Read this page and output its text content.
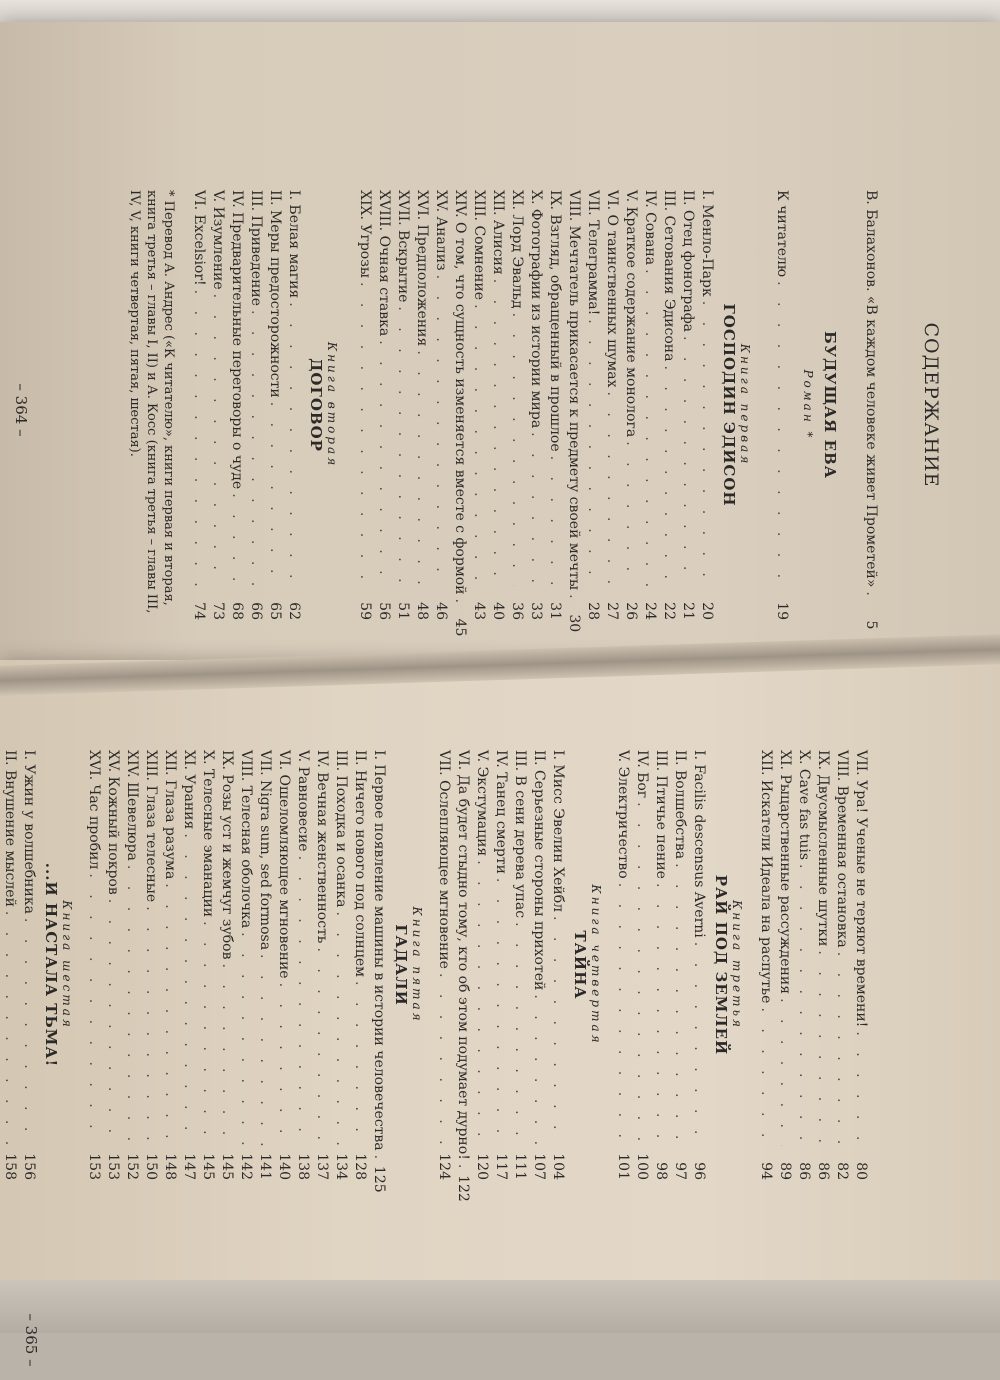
СОДЕРЖАНИЕ
В. Балахонов. «В каждом человеке живет Прометей»
. . .
5
БУДУЩАЯ ЕВА
Роман *
К читателю
. . .
19
Книга первая
ГОСПОДИН ЭДИСОН
I. Менло-Парк
. . .
20
II. Отец фонографа
. . .
21
III. Сетования Эдисона
. . .
22
IV. Сована
. . .
24
V. Краткое содержание монолога
. . .
26
VI. О таинственных шумах
. . .
27
VII. Телеграмма!
. . .
28
VIII. Мечтатель прикасается к предмету своей мечты
. . .
30
IX. Взгляд, обращенный в прошлое
. . .
31
X. Фотографии из истории мира
. . .
33
XI. Лорд Эвальд
. . .
36
XII. Алисия
. . .
40
XIII. Сомнение
. . .
43
XIV. О том, что сущность изменяется вместе с формой
. . .
45
XV. Анализ
. . .
46
XVI. Предположения
. . .
48
XVII. Вскрытие
. . .
51
XVIII. Очная ставка
. . .
56
XIX. Угрозы
. . .
59
Книга вторая
ДОГОВОР
I. Белая магия
. . .
62
II. Меры предосторожности
. . .
65
III. Приведение
. . .
66
IV. Предварительные переговоры о чуде
. . .
68
V. Изумление
. . .
73
VI. Excelsior!
. . .
74
* Перевод А. Андрес («К читателю», книги первая и вторая, книга третья – главы I, II) и А. Косс (книга третья – главы III, IV, V, книги четвертая, пятая, шестая).
– 364 –
VII. Ура! Ученые не теряют времени!
. . .
80
VIII. Временная остановка
. . .
82
IX. Двусмысленные шутки
. . .
86
X. Cave fas tuis
. . .
86
XI. Рыцарственные рассуждения
. . .
89
XII. Искатели Идеала на распутье
. . .
94
Книга третья
РАЙ ПОД ЗЕМЛЕЙ
I. Facilis descensus Averni
. . .
96
II. Волшебства
. . .
97
III. Птичье пение
. . .
98
IV. Бог
. . .
100
V. Электричество
. . .
101
Книга четвертая
ТАЙНА
I. Мисс Эвелин Хейбл
. . .
104
II. Серьезные стороны прихотей
. . .
107
III. В сени дерева упас
. . .
111
IV. Танец смерти
. . .
117
V. Экстумация
. . .
120
VI. Да будет стыдно тому, кто об этом подумает дурно!
. . .
122
VII. Ослепляющее мгновение
. . .
124
Книга пятая
ГАДАЛИ
I. Первое появление машины в истории человечества
. . .
125
II. Ничего нового под солнцем
. . .
128
III. Походка и осанка
. . .
134
IV. Вечная женственность
. . .
137
V. Равновесие
. . .
138
VI. Ошеломляющее мгновение
. . .
140
VII. Nigra sum, sed formosa
. . .
141
VIII. Телесная оболочка
. . .
142
IX. Розы уст и жемчуг зубов
. . .
145
X. Телесные эманации
. . .
145
XI. Урания
. . .
147
XII. Глаза разума
. . .
148
XIII. Глаза телесные
. . .
150
XIV. Шевелюра
. . .
152
XV. Кожный покров
. . .
153
XVI. Час пробил
. . .
153
Книга шестая
...И НАСТАЛА ТЬМА!
I. Ужин у волшебника
. . .
156
II. Внушение мыслей
. . .
158
– 365 –
